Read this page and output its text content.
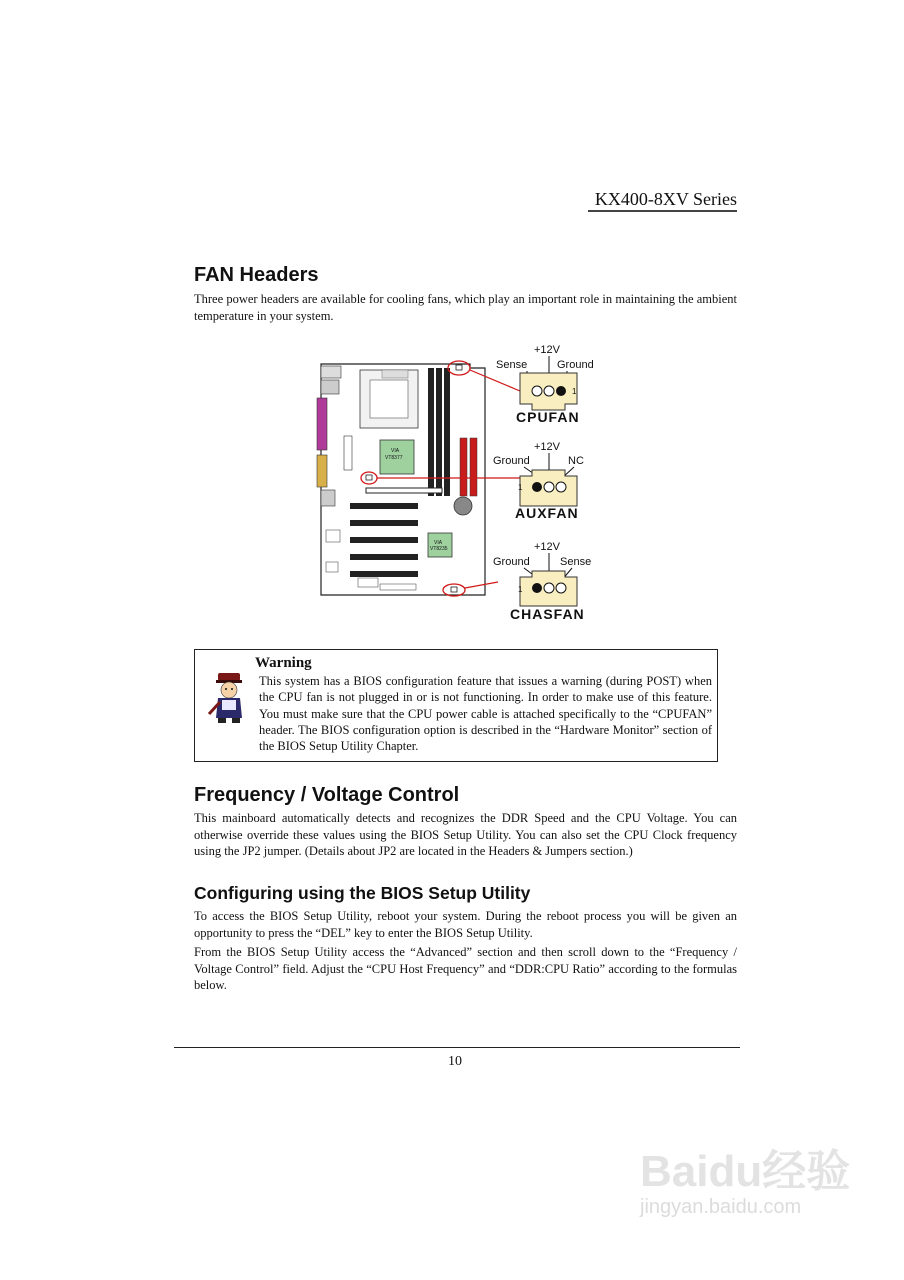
KX400-8XV Series
FAN Headers

Three power headers are available for cooling fans, which play an important role in maintaining the ambient temperature in your system.

VIA
VT8377
VIA
VT8235
+12V
Sense	Ground
1
CPUFAN
+12V
Ground	NC
1
AUXFAN
+12V
Ground	Sense
1
CHASFAN
Warning

This system has a BIOS configuration feature that issues a warning (during POST) when the CPU fan is not plugged in or is not functioning. In order to make use of this feature. You must make sure that the CPU power cable is attached specifically to the “CPUFAN” header. The BIOS configuration option is described in the “Hardware Monitor” section of the BIOS Setup Utility Chapter.

Frequency / Voltage Control

This mainboard automatically detects and recognizes the DDR Speed and the CPU Voltage. You can otherwise override these values using the BIOS Setup Utility. You can also set the CPU Clock frequency using the JP2 jumper. (Details about JP2 are located in the Headers & Jumpers section.)

Configuring using the BIOS Setup Utility

To access the BIOS Setup Utility, reboot your system. During the reboot process you will be given an opportunity to press the “DEL” key to enter the BIOS Setup Utility.

From the BIOS Setup Utility access the “Advanced” section and then scroll down to the “Frequency / Voltage Control” field. Adjust the “CPU Host Frequency” and “DDR:CPU Ratio” according to the formulas below.

10
Baidu经验
jingyan.baidu.com
